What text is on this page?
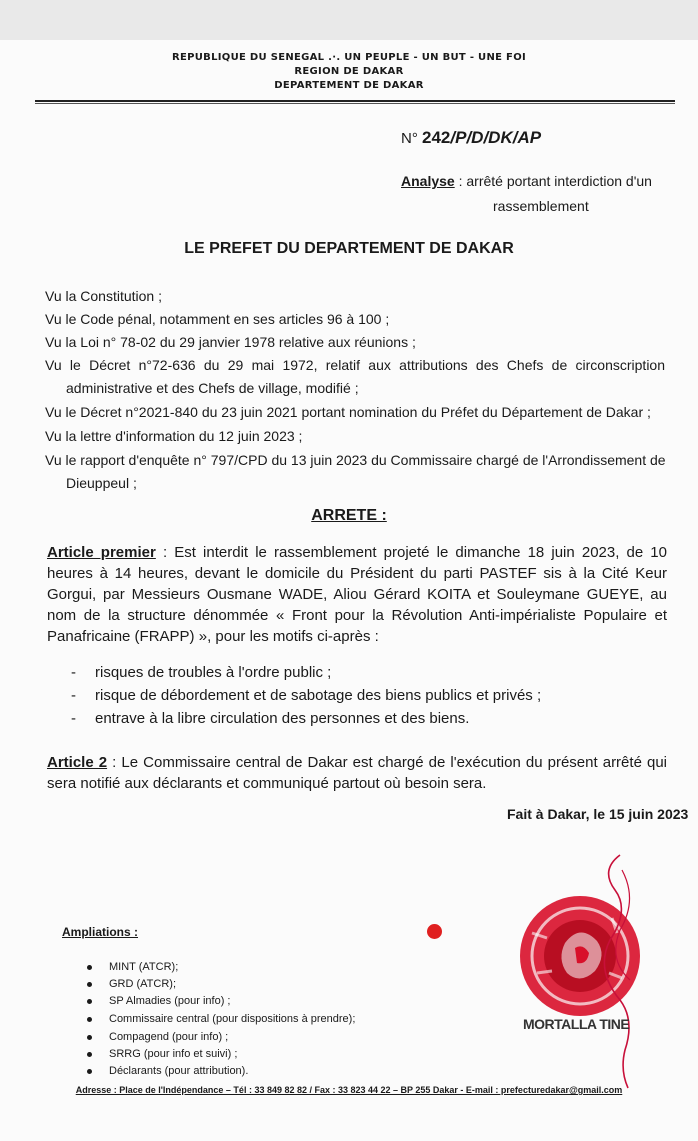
REPUBLIQUE DU SENEGAL .·. UN PEUPLE - UN BUT - UNE FOI
REGION DE DAKAR
DEPARTEMENT DE DAKAR
N° 242/P/D/DK/AP
Analyse : arrêté portant interdiction d'un
rassemblement
LE PREFET DU DEPARTEMENT DE DAKAR
Vu la Constitution ;
Vu le Code pénal, notamment en ses articles 96 à 100 ;
Vu la Loi n° 78-02 du 29 janvier 1978 relative aux réunions ;
Vu le Décret n°72-636 du 29 mai 1972, relatif aux attributions des Chefs de circonscription
administrative et des Chefs de village, modifié ;
Vu le Décret n°2021-840 du 23 juin 2021 portant nomination du Préfet du Département de Dakar ;
Vu la lettre d'information du 12 juin 2023 ;
Vu le rapport d'enquête n° 797/CPD du 13 juin 2023 du Commissaire chargé de l'Arrondissement de
Dieuppeul ;
ARRETE :
Article premier : Est interdit le rassemblement projeté le dimanche 18 juin 2023, de 10 heures à 14 heures, devant le domicile du Président du parti PASTEF sis à la Cité Keur Gorgui, par Messieurs Ousmane WADE, Aliou Gérard KOITA et Souleymane GUEYE, au nom de la structure dénommée « Front pour la Révolution Anti-impérialiste Populaire et Panafricaine (FRAPP) », pour les motifs ci-après :
- risques de troubles à l'ordre public ;
- risque de débordement et de sabotage des biens publics et privés ;
- entrave à la libre circulation des personnes et des biens.
Article 2 : Le Commissaire central de Dakar est chargé de l'exécution du présent arrêté qui sera notifié aux déclarants et communiqué partout où besoin sera.
Fait à Dakar, le 15 juin 2023
MORTALLA TINE
Ampliations :
MINT (ATCR);
GRD (ATCR);
SP Almadies (pour info) ;
Commissaire central (pour dispositions à prendre);
Compagend (pour info) ;
SRRG (pour info et suivi) ;
Déclarants (pour attribution).
Adresse : Place de l'Indépendance – Tél : 33 849 82 82 / Fax : 33 823 44 22 – BP 255 Dakar - E-mail : prefecturedakar@gmail.com
